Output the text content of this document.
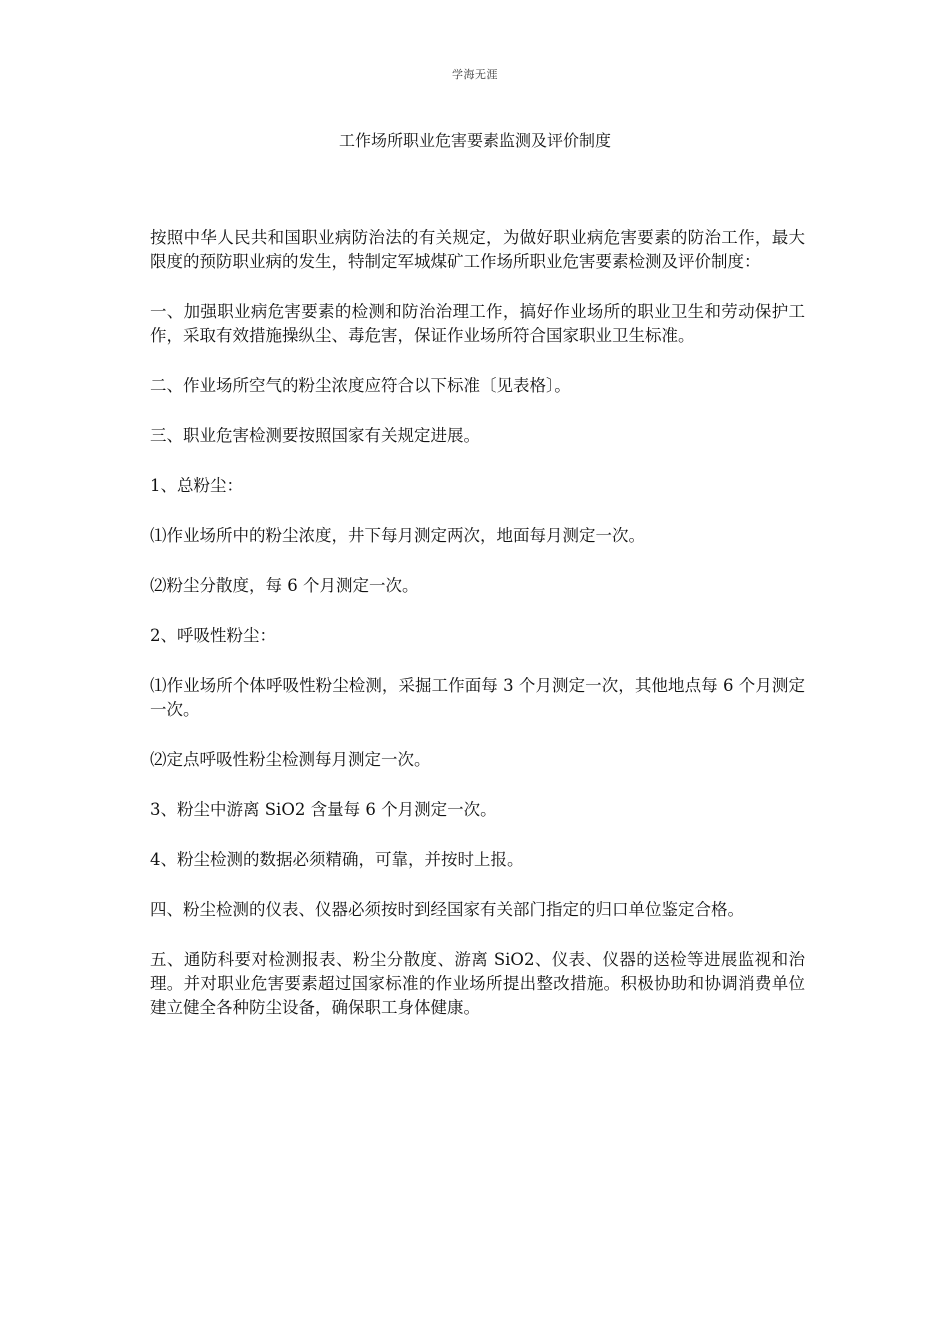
学海无涯
工作场所职业危害要素监测及评价制度

按照中华人民共和国职业病防治法的有关规定，为做好职业病危害要素的防治工作，最大限度的预防职业病的发生，特制定军城煤矿工作场所职业危害要素检测及评价制度：

一、加强职业病危害要素的检测和防治治理工作，搞好作业场所的职业卫生和劳动保护工作，采取有效措施操纵尘、毒危害，保证作业场所符合国家职业卫生标准。

二、作业场所空气的粉尘浓度应符合以下标准〔见表格〕。

三、职业危害检测要按照国家有关规定进展。

1、总粉尘：

⑴作业场所中的粉尘浓度，井下每月测定两次，地面每月测定一次。

⑵粉尘分散度，每 6 个月测定一次。

2、呼吸性粉尘：

⑴作业场所个体呼吸性粉尘检测，采掘工作面每 3 个月测定一次，其他地点每 6 个月测定一次。

⑵定点呼吸性粉尘检测每月测定一次。

3、粉尘中游离 SiO2 含量每 6 个月测定一次。

4、粉尘检测的数据必须精确，可靠，并按时上报。

四、粉尘检测的仪表、仪器必须按时到经国家有关部门指定的归口单位鉴定合格。

五、通防科要对检测报表、粉尘分散度、游离 SiO2、仪表、仪器的送检等进展监视和治理。并对职业危害要素超过国家标准的作业场所提出整改措施。积极协助和协调消费单位建立健全各种防尘设备，确保职工身体健康。
